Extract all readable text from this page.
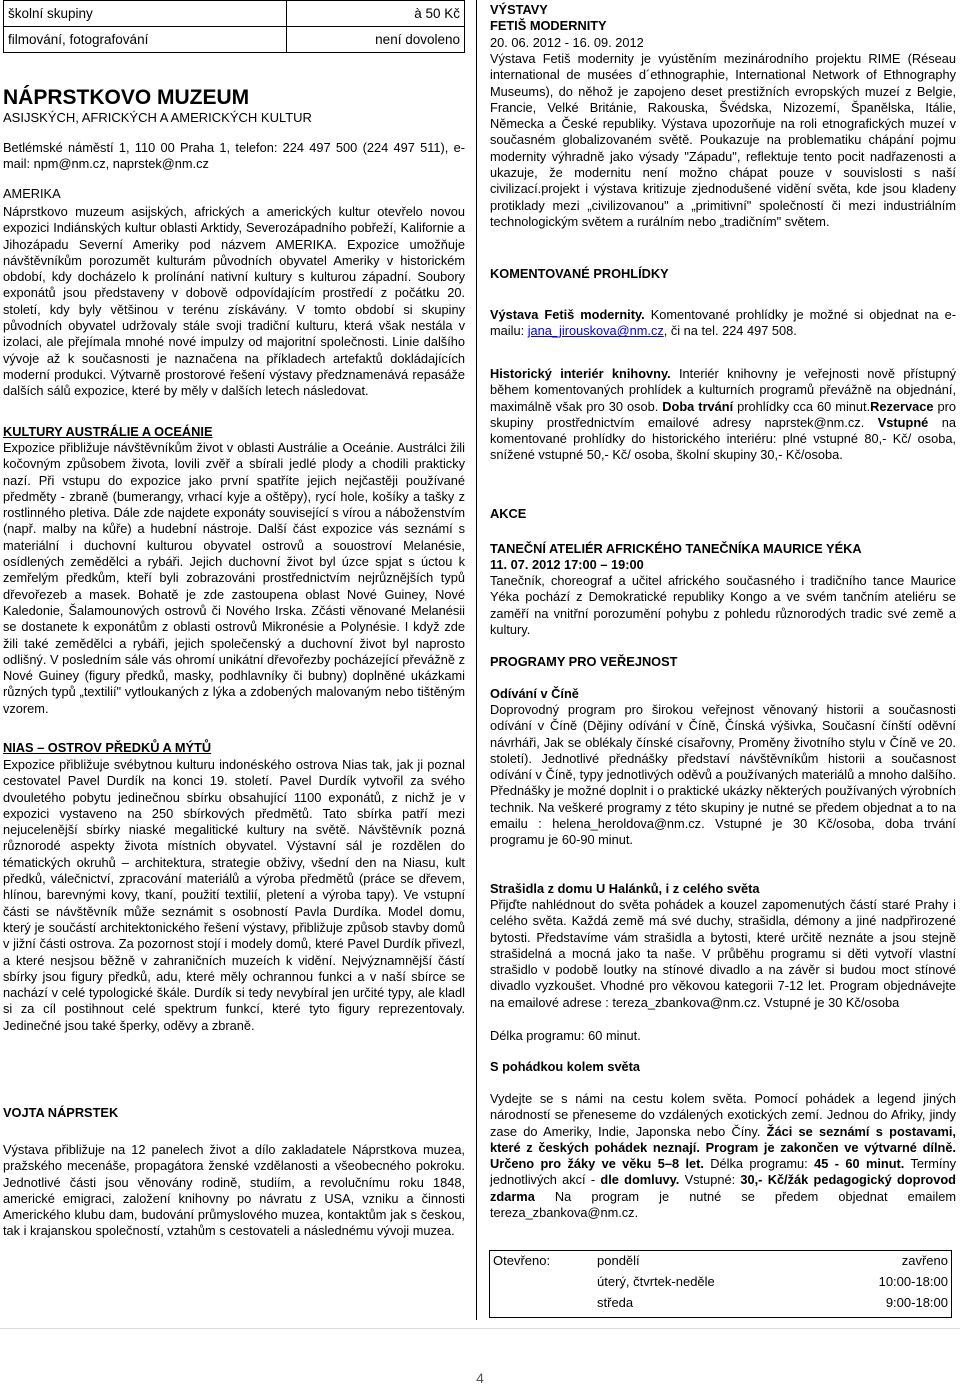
školní skupiny	à 50 Kč
filmování, fotografování	není dovoleno
NÁPRSTKOVO MUZEUM
ASIJSKÝCH, AFRICKÝCH A AMERICKÝCH KULTUR
Betlémské náměstí 1, 110 00 Praha 1, telefon: 224 497 500 (224 497 511), e-mail: npm@nm.cz, naprstek@nm.cz
AMERIKA
Náprstkovo muzeum asijských, afrických a amerických kultur otevřelo novou expozici Indiánských kultur oblasti Arktidy, Severozápadního pobřeží, Kalifornie a Jihozápadu Severní Ameriky pod názvem AMERIKA. Expozice umožňuje návštěvníkům porozumět kulturám původních obyvatel Ameriky v historickém období, kdy docházelo k prolínání nativní kultury s kulturou západní. Soubory exponátů jsou představeny v dobově odpovídajícím prostředí z počátku 20. století, kdy byly většinou v terénu získávány. V tomto období si skupiny původních obyvatel udržovaly stále svoji tradiční kulturu, která však nestála v izolaci, ale přejímala mnohé nové impulzy od majoritní společnosti. Linie dalšího vývoje až k současnosti je naznačena na příkladech artefaktů dokládajících moderní produkci. Výtvarně prostorové řešení výstavy předznamenává repasáže dalších sálů expozice, které by měly v dalších letech následovat.
KULTURY AUSTRÁLIE A OCEÁNIE
Expozice přibližuje návštěvníkům život v oblasti Austrálie a Oceánie. Austrálci žili kočovným způsobem života, lovili zvěř a sbírali jedlé plody a chodili prakticky nazí. Při vstupu do expozice jako první spatříte jejich nejčastěji používané předměty - zbraně (bumerangy, vrhací kyje a oštěpy), rycí hole, košíky a tašky z rostlinného pletiva. Dále zde najdete exponáty související s vírou a náboženstvím (např. malby na kůře) a hudební nástroje. Další část expozice vás seznámí s materiální i duchovní kulturou obyvatel ostrovů a souostroví Melanésie, osídlených zemědělci a rybáři. Jejich duchovní život byl úzce spjat s úctou k zemřelým předkům, kteří byli zobrazováni prostřednictvím nejrůznějších typů dřevořezeb a masek. Bohatě je zde zastoupena oblast Nové Guiney, Nové Kaledonie, Šalamounových ostrovů či Nového Irska. Zčásti věnované Melanésii se dostanete k exponátům z oblasti ostrovů Mikronésie a Polynésie. I když zde žili také zemědělci a rybáři, jejich společenský a duchovní život byl naprosto odlišný. V posledním sále vás ohromí unikátní dřevořezby pocházející převážně z Nové Guiney (figury předků, masky, podhlavníky či bubny) doplněné ukázkami různých typů „textilií" vytloukaných z lýka a zdobených malovaným nebo tištěným vzorem.
NIAS – OSTROV PŘEDKŮ A MÝTŮ
Expozice přibližuje svébytnou kulturu indonéského ostrova Nias tak, jak ji poznal cestovatel Pavel Durdík na konci 19. století. Pavel Durdík vytvořil za svého dvouletého pobytu jedinečnou sbírku obsahující 1100 exponátů, z nichž je v expozici vystaveno na 250 sbírkových předmětů. Tato sbírka patří mezi nejucelenější sbírky niaské megalitické kultury na světě. Návštěvník pozná různorodé aspekty života místních obyvatel. Výstavní sál je rozdělen do tématických okruhů – architektura, strategie obživy, všední den na Niasu, kult předků, válečnictví, zpracování materiálů a výroba předmětů (práce se dřevem, hlínou, barevnými kovy, tkaní, použití textilií, pletení a výroba tapy). Ve vstupní části se návštěvník může seznámit s osobností Pavla Durdíka. Model domu, který je součástí architektonického řešení výstavy, přibližuje způsob stavby domů v jižní části ostrova. Za pozornost stojí i modely domů, které Pavel Durdík přivezl, a které nesjsou běžně v zahraničních muzeích k vidění. Nejvýznamnější částí sbírky jsou figury předků, adu, které měly ochrannou funkci a v naší sbírce se nachází v celé typologické škále. Durdík si tedy nevybíral jen určité typy, ale kladl si za cíl postihnout celé spektrum funkcí, které tyto figury reprezentovaly. Jedinečné jsou také šperky, oděvy a zbraně.
VOJTA NÁPRSTEK
Výstava přibližuje na 12 panelech život a dílo zakladatele Náprstkova muzea, pražského mecenáše, propagátora ženské vzdělanosti a všeobecného pokroku. Jednotlivé části jsou věnovány rodině, studiím, a revolučnímu roku 1848, americké emigraci, založení knihovny po návratu z USA, vzniku a činnosti Amerického klubu dam, budování průmyslového muzea, kontaktům jak s českou, tak i krajanskou společností, vztahům s cestovateli a následnému vývoji muzea.
VÝSTAVY
FETIŠ MODERNITY
20. 06. 2012 - 16. 09. 2012
Výstava Fetiš modernity je vyústěním mezinárodního projektu RIME (Réseau international de musées d´ethnographie, International Network of Ethnography Museums), do něhož je zapojeno deset prestižních evropských muzeí z Belgie, Francie, Velké Británie, Rakouska, Švédska, Nizozemí, Španělska, Itálie, Německa a České republiky. Výstava upozorňuje na roli etnografických muzeí v současném globalizovaném světě. Poukazuje na problematiku chápání pojmu modernity výhradně jako výsady "Západu", reflektuje tento pocit nadřazenosti a ukazuje, že modernitu není možno chápat pouze v souvislosti s naší civilizací.projekt i výstava kritizuje zjednodušené vidění světa, kde jsou kladeny protiklady mezi „civilizovanou" a „primitivní" společností či mezi industriálním technologickým světem a rurálním nebo „tradičním" světem.
KOMENTOVANÉ PROHLÍDKY
Výstava Fetiš modernity. Komentované prohlídky je možné si objednat na e-mailu: jana_jirouskova@nm.cz, či na tel. 224 497 508.
Historický interiér knihovny. Interiér knihovny je veřejnosti nově přístupný během komentovaných prohlídek a kulturních programů převážně na objednání, maximálně však pro 30 osob. Doba trvání prohlídky cca 60 minut.Rezervace pro skupiny prostřednictvím emailové adresy naprstek@nm.cz. Vstupné na komentované prohlídky do historického interiéru: plné vstupné 80,- Kč/ osoba, snížené vstupné 50,- Kč/ osoba, školní skupiny 30,- Kč/osoba.
AKCE
TANEČNÍ ATELIÉR AFRICKÉHO TANEČNÍKA MAURICE YÉKA
11. 07. 2012 17:00 – 19:00
Tanečník, choreograf a učitel afrického současného i tradičního tance Maurice Yéka pochází z Demokratické republiky Kongo a ve svém tančním ateliéru se zaměří na vnitřní porozumění pohybu z pohledu různorodých tradic své země a kultury.
PROGRAMY PRO VEŘEJNOST
Odívání v Číně
Doprovodný program pro širokou veřejnost věnovaný historii a současnosti odívání v Číně (Dějiny odívání v Číně, Čínská výšivka, Současní čínští oděvní návrháři, Jak se oblékaly čínské císařovny, Proměny životního stylu v Číně ve 20. století). Jednotlivé přednášky představí návštěvníkům historii a současnost odívání v Číně, typy jednotlivých oděvů a používaných materiálů a mnoho dalšího. Přednášky je možné doplnit i o praktické ukázky některých používaných výrobních technik. Na veškeré programy z této skupiny je nutné se předem objednat a to na emailu : helena_heroldova@nm.cz. Vstupné je 30 Kč/osoba, doba trvání programu je 60-90 minut.
Strašidla z domu U Halánků, i z celého světa
Přijďte nahlédnout do světa pohádek a kouzel zapomenutých částí staré Prahy i celého světa. Každá země má své duchy, strašidla, démony a jiné nadpřirozené bytosti. Představíme vám strašidla a bytosti, které určitě neznáte a jsou stejně strašidelná a mocná jako ta naše. V průběhu programu si děti vytvoří vlastní strašidlo v podobě loutky na stínové divadlo a na závěr si budou moct stínové divadlo vyzkoušet. Vhodné pro věkovou kategorii 7-12 let. Program objednávejte na emailové adrese : tereza_zbankova@nm.cz. Vstupné je 30 Kč/osoba
Délka programu: 60 minut.
S pohádkou kolem světa
Vydejte se s námi na cestu kolem světa. Pomocí pohádek a legend jiných národností se přeneseme do vzdálených exotických zemí. Jednou do Afriky, jindy zase do Ameriky, Indie, Japonska nebo Číny. Žáci se seznámí s postavami, které z českých pohádek neznají. Program je zakončen ve výtvarné dílně. Určeno pro žáky ve věku 5–8 let. Délka programu: 45 - 60 minut. Termíny jednotlivých akcí - dle domluvy. Vstupné: 30,- Kč/žák pedagogický doprovod zdarma Na program je nutné se předem objednat emailem tereza_zbankova@nm.cz.
Otevřeno:	pondělí	zavřeno
	úterý, čtvrtek-neděle	10:00-18:00
	středa	9:00-18:00
4
